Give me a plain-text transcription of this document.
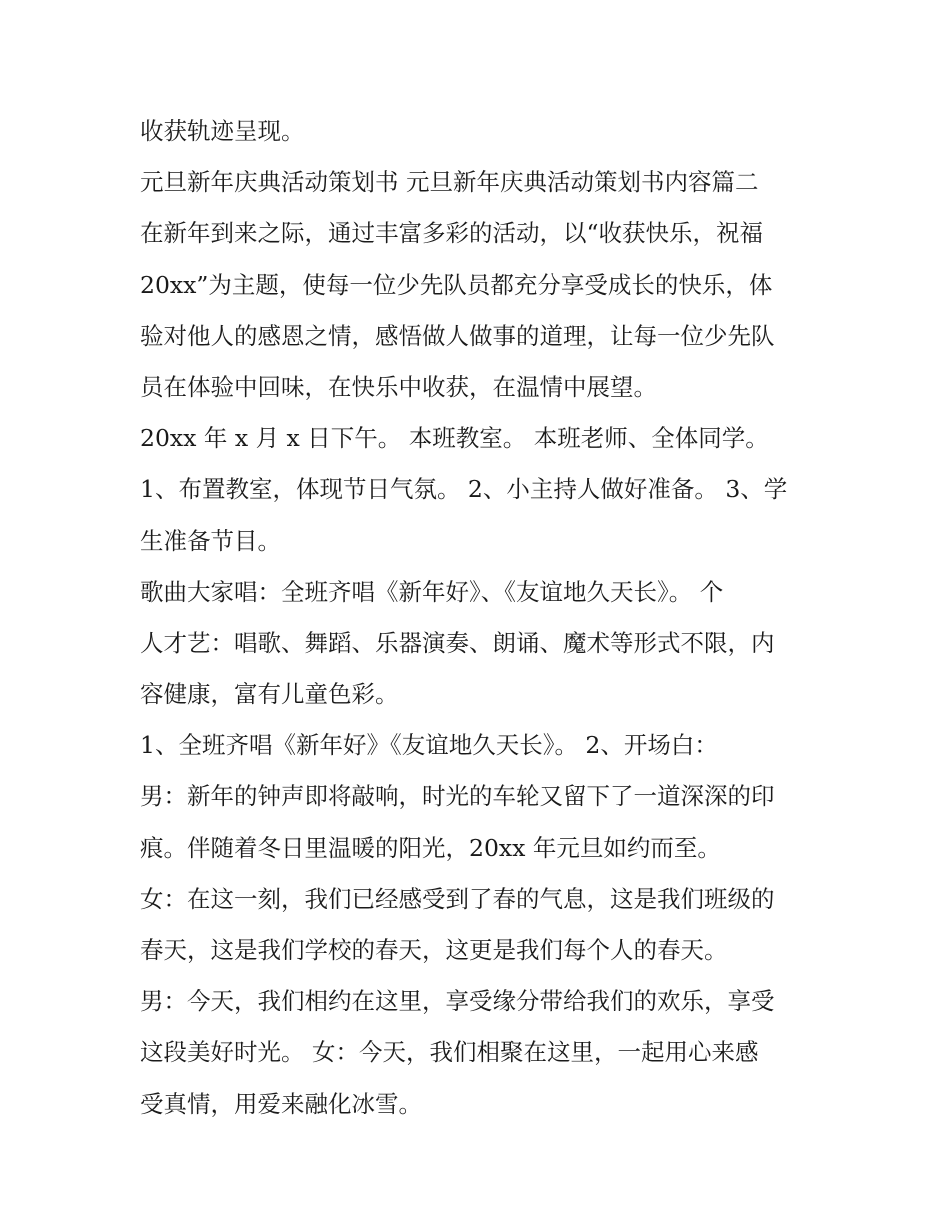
收获轨迹呈现。
元旦新年庆典活动策划书 元旦新年庆典活动策划书内容篇二
在新年到来之际，通过丰富多彩的活动，以“收获快乐，祝福
20xx”为主题，使每一位少先队员都充分享受成长的快乐，体
验对他人的感恩之情，感悟做人做事的道理，让每一位少先队
员在体验中回味，在快乐中收获，在温情中展望。
20xx 年 x 月 x 日下午。 本班教室。 本班老师、全体同学。
1、布置教室，体现节日气氛。 2、小主持人做好准备。 3、学
生准备节目。
歌曲大家唱：全班齐唱《新年好》、《友谊地久天长》。 个
人才艺：唱歌、舞蹈、乐器演奏、朗诵、魔术等形式不限，内
容健康，富有儿童色彩。
1、全班齐唱《新年好》《友谊地久天长》。 2、开场白：
男：新年的钟声即将敲响，时光的车轮又留下了一道深深的印
痕。伴随着冬日里温暖的阳光，20xx 年元旦如约而至。
女：在这一刻，我们已经感受到了春的气息，这是我们班级的
春天，这是我们学校的春天，这更是我们每个人的春天。
男：今天，我们相约在这里，享受缘分带给我们的欢乐，享受
这段美好时光。 女：今天，我们相聚在这里，一起用心来感
受真情，用爱来融化冰雪。
